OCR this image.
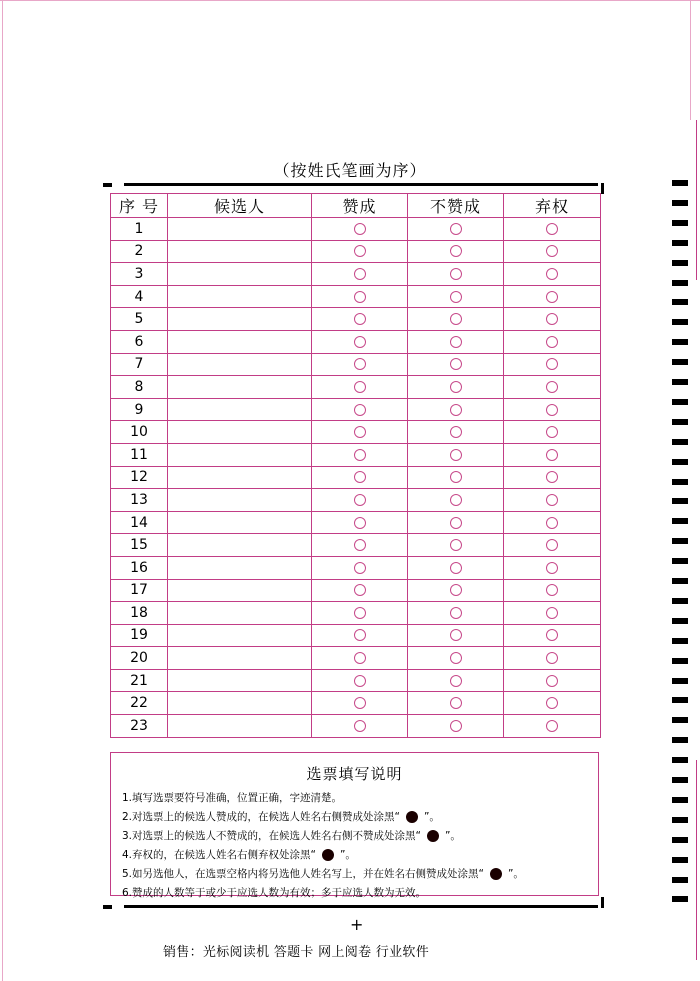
（按姓氏笔画为序）
序 号	候选人	赞成	不赞成	弃权
1				
2				
3				
4				
5				
6				
7				
8				
9				
10				
11				
12				
13				
14				
15				
16				
17				
18				
19				
20				
21				
22				
23				
选票填写说明
1.填写选票要符号准确，位置正确，字迹清楚。
2.对选票上的候选人赞成的，在候选人姓名右侧赞成处涂黑“ ”。
3.对选票上的候选人不赞成的，在候选人姓名右侧不赞成处涂黑“ ”。
4.弃权的，在候选人姓名右侧弃权处涂黑“ ”。
5.如另选他人，在选票空格内将另选他人姓名写上，并在姓名右侧赞成处涂黑“ ”。
6.赞成的人数等于或少于应选人数为有效；多于应选人数为无效。
+
销售：光标阅读机 答题卡 网上阅卷 行业软件
